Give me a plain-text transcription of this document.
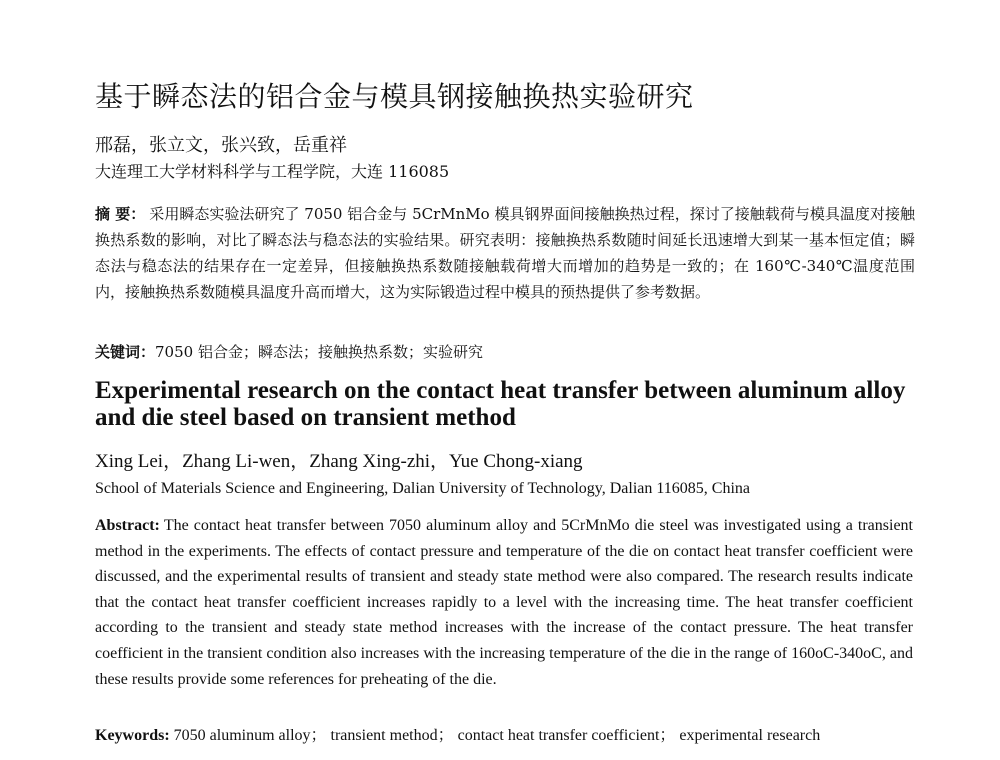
基于瞬态法的铝合金与模具钢接触换热实验研究
邢磊，张立文，张兴致，岳重祥
大连理工大学材料科学与工程学院，大连 116085
摘 要： 采用瞬态实验法研究了 7050 铝合金与 5CrMnMo 模具钢界面间接触换热过程，探讨了接触载荷与模具温度对接触换热系数的影响，对比了瞬态法与稳态法的实验结果。研究表明：接触换热系数随时间延长迅速增大到某一基本恒定值；瞬态法与稳态法的结果存在一定差异，但接触换热系数随接触载荷增大而增加的趋势是一致的；在 160℃-340℃温度范围内，接触换热系数随模具温度升高而增大，这为实际锻造过程中模具的预热提供了参考数据。
关键词：7050 铝合金；瞬态法；接触换热系数；实验研究
Experimental research on the contact heat transfer between aluminum alloy and die steel based on transient method
Xing Lei，Zhang Li-wen，Zhang Xing-zhi，Yue Chong-xiang
School of Materials Science and Engineering, Dalian University of Technology, Dalian 116085, China
Abstract: The contact heat transfer between 7050 aluminum alloy and 5CrMnMo die steel was investigated using a transient method in the experiments. The effects of contact pressure and temperature of the die on contact heat transfer coefficient were discussed, and the experimental results of transient and steady state method were also compared. The research results indicate that the contact heat transfer coefficient increases rapidly to a level with the increasing time. The heat transfer coefficient according to the transient and steady state method increases with the increase of the contact pressure. The heat transfer coefficient in the transient condition also increases with the increasing temperature of the die in the range of 160oC-340oC, and these results provide some references for preheating of the die.
Keywords: 7050 aluminum alloy； transient method； contact heat transfer coefficient； experimental research
